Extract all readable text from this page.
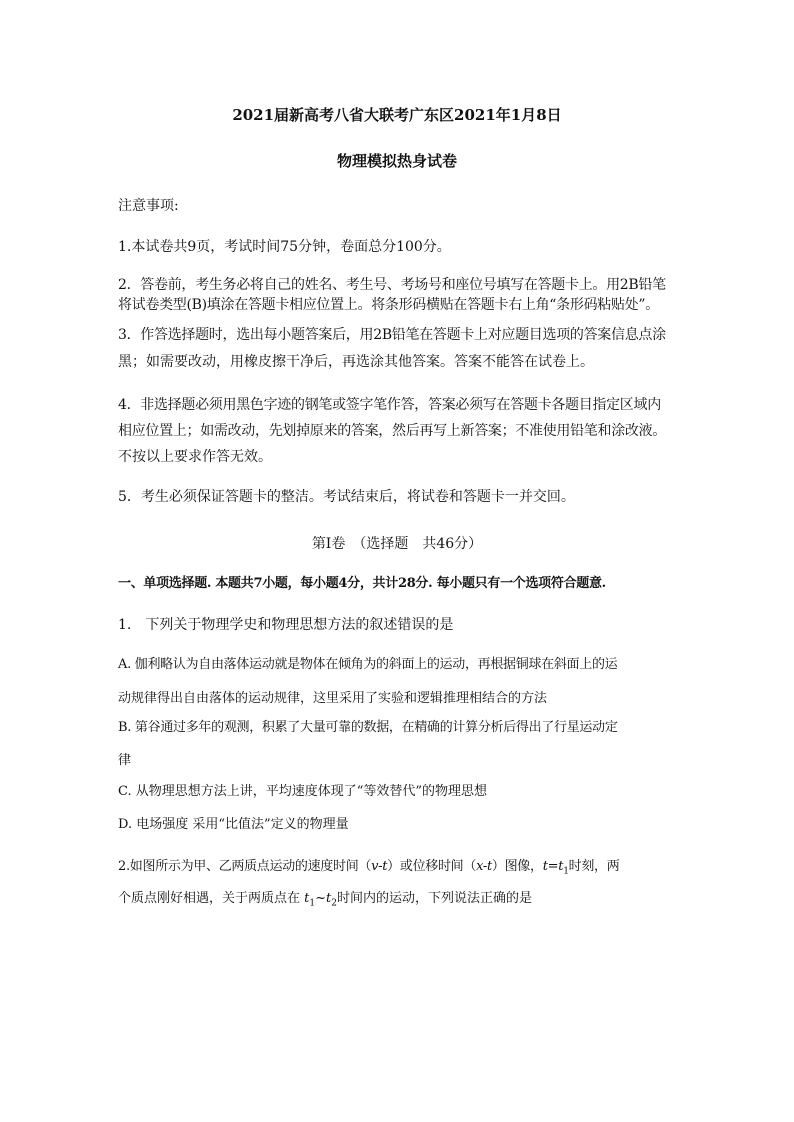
2021届新高考八省大联考广东区2021年1月8日
物理模拟热身试卷
注意事项:
1.本试卷共9页，考试时间75分钟，卷面总分100分。
2．答卷前，考生务必将自己的姓名、考生号、考场号和座位号填写在答题卡上。用2B铅笔
将试卷类型(B)填涂在答题卡相应位置上。将条形码横贴在答题卡右上角“条形码粘贴处”。
3．作答选择题时，选出每小题答案后，用2B铅笔在答题卡上对应题目选项的答案信息点涂
黑；如需要改动，用橡皮擦干净后，再选涂其他答案。答案不能答在试卷上。
4．非选择题必须用黑色字迹的钢笔或签字笔作答，答案必须写在答题卡各题目指定区域内
相应位置上；如需改动，先划掉原来的答案，然后再写上新答案；不准使用铅笔和涂改液。
不按以上要求作答无效。
5．考生必须保证答题卡的整洁。考试结束后，将试卷和答题卡一并交回。
第Ⅰ卷　（选择题　共46分）
一、单项选择题. 本题共7小题，每小题4分，共计28分. 每小题只有一个选项符合题意.
1.　下列关于物理学史和物理思想方法的叙述错误的是
A. 伽利略认为自由落体运动就是物体在倾角为的斜面上的运动，再根据铜球在斜面上的运
动规律得出自由落体的运动规律，这里采用了实验和逻辑推理相结合的方法
B. 第谷通过多年的观测，积累了大量可靠的数据，在精确的计算分析后得出了行星运动定
律
C. 从物理思想方法上讲，平均速度体现了“等效替代”的物理思想
D. 电场强度 采用“比值法”定义的物理量
2.如图所示为甲、乙两质点运动的速度时间（v-t）或位移时间（x-t）图像，$t=t_1$时刻，两
个质点刚好相遇，关于两质点在 $t_1\sim t_2$时间内的运动，下列说法正确的是
